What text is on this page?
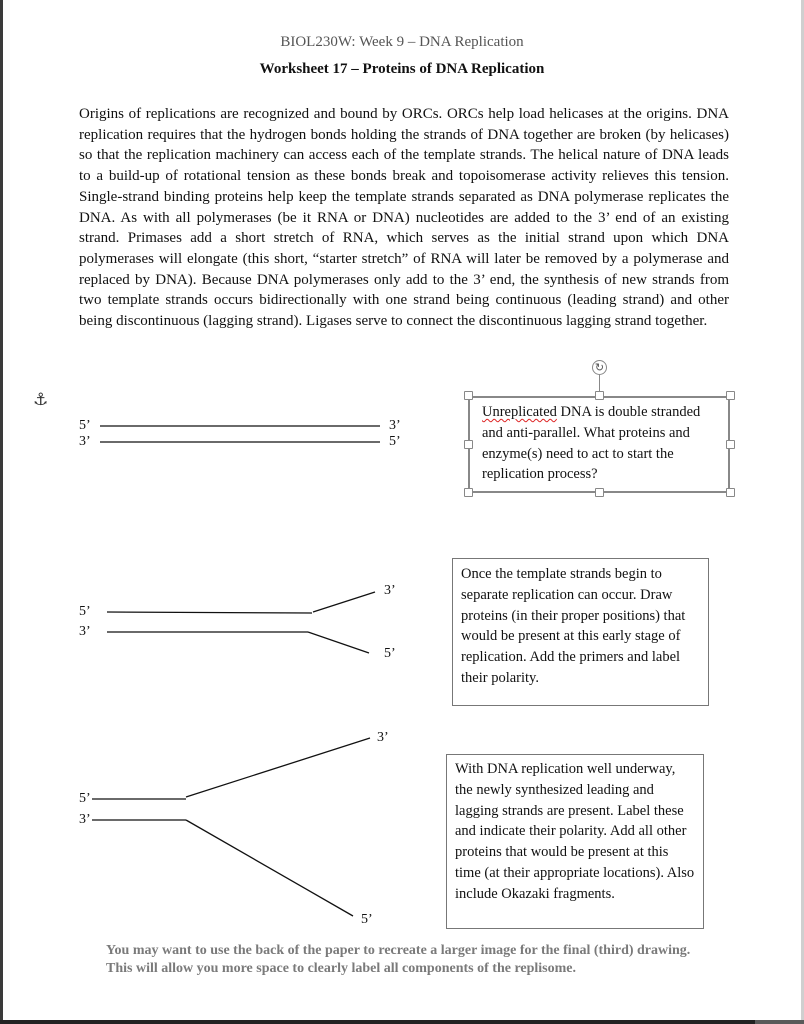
BIOL230W: Week 9 – DNA Replication
Worksheet 17 – Proteins of DNA Replication
Origins of replications are recognized and bound by ORCs. ORCs help load helicases at the origins. DNA replication requires that the hydrogen bonds holding the strands of DNA together are broken (by helicases) so that the replication machinery can access each of the template strands. The helical nature of DNA leads to a build-up of rotational tension as these bonds break and topoisomerase activity relieves this tension. Single-strand binding proteins help keep the template strands separated as DNA polymerase replicates the DNA. As with all polymerases (be it RNA or DNA) nucleotides are added to the 3’ end of an existing strand. Primases add a short stretch of RNA, which serves as the initial strand upon which DNA polymerases will elongate (this short, “starter stretch” of RNA will later be removed by a polymerase and replaced by DNA). Because DNA polymerases only add to the 3’ end, the synthesis of new strands from two template strands occurs bidirectionally with one strand being continuous (leading strand) and other being discontinuous (lagging strand). Ligases serve to connect the discontinuous lagging strand together.
⚓
5’
3’
3’
5’
↻
Unreplicated DNA is double stranded and anti-parallel. What proteins and enzyme(s) need to act to start the replication process?
5’
3’
3’
5’
Once the template strands begin to separate replication can occur. Draw proteins (in their proper positions) that would be present at this early stage of replication. Add the primers and label their polarity.
5’
3’
3’
5’
With DNA replication well underway, the newly synthesized leading and lagging strands are present. Label these and indicate their polarity. Add all other proteins that would be present at this time (at their appropriate locations). Also include Okazaki fragments.
You may want to use the back of the paper to recreate a larger image for the final (third) drawing. This will allow you more space to clearly label all components of the replisome.
